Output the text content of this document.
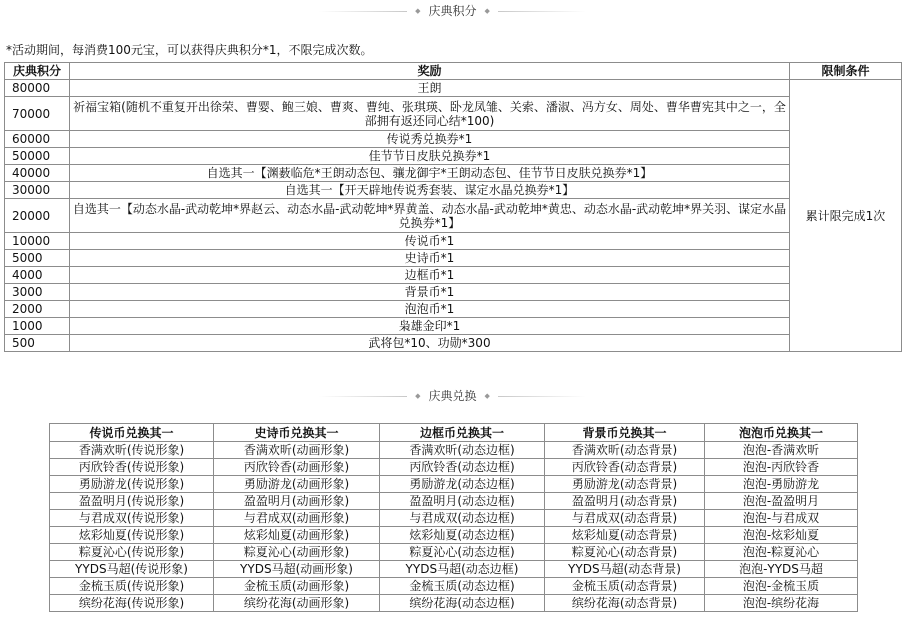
◆ 庆典积分 ◆
*活动期间，每消费100元宝，可以获得庆典积分*1，不限完成次数。
庆典积分	奖励	限制条件
80000	王朗	累计限完成1次
70000	祈福宝箱(随机不重复开出徐荣、曹婴、鲍三娘、曹爽、曹纯、张琪瑛、卧龙凤雏、关索、潘淑、冯方女、周处、曹华曹宪其中之一，全部拥有返还同心结*100)	
60000	传说秀兑换券*1	
50000	佳节节日皮肤兑换券*1	
40000	自选其一【渊薮临危*王朗动态包、骧龙御宇*王朗动态包、佳节节日皮肤兑换券*1】	
30000	自选其一【开天辟地传说秀套装、谋定水晶兑换券*1】	
20000	自选其一【动态水晶-武动乾坤*界赵云、动态水晶-武动乾坤*界黄盖、动态水晶-武动乾坤*黄忠、动态水晶-武动乾坤*界关羽、谋定水晶兑换券*1】	
10000	传说币*1	
5000	史诗币*1	
4000	边框币*1	
3000	背景币*1	
2000	泡泡币*1	
1000	枭雄金印*1	
500	武将包*10、功勋*300	
◆ 庆典兑换 ◆
传说币兑换其一	史诗币兑换其一	边框币兑换其一	背景币兑换其一	泡泡币兑换其一
香满欢昕(传说形象)	香满欢昕(动画形象)	香满欢昕(动态边框)	香满欢昕(动态背景)	泡泡-香满欢昕
丙欣铃香(传说形象)	丙欣铃香(动画形象)	丙欣铃香(动态边框)	丙欣铃香(动态背景)	泡泡-丙欣铃香
勇励游龙(传说形象)	勇励游龙(动画形象)	勇励游龙(动态边框)	勇励游龙(动态背景)	泡泡-勇励游龙
盈盈明月(传说形象)	盈盈明月(动画形象)	盈盈明月(动态边框)	盈盈明月(动态背景)	泡泡-盈盈明月
与君成双(传说形象)	与君成双(动画形象)	与君成双(动态边框)	与君成双(动态背景)	泡泡-与君成双
炫彩灿夏(传说形象)	炫彩灿夏(动画形象)	炫彩灿夏(动态边框)	炫彩灿夏(动态背景)	泡泡-炫彩灿夏
粽夏沁心(传说形象)	粽夏沁心(动画形象)	粽夏沁心(动态边框)	粽夏沁心(动态背景)	泡泡-粽夏沁心
YYDS马超(传说形象)	YYDS马超(动画形象)	YYDS马超(动态边框)	YYDS马超(动态背景)	泡泡-YYDS马超
金梳玉质(传说形象)	金梳玉质(动画形象)	金梳玉质(动态边框)	金梳玉质(动态背景)	泡泡-金梳玉质
缤纷花海(传说形象)	缤纷花海(动画形象)	缤纷花海(动态边框)	缤纷花海(动态背景)	泡泡-缤纷花海
